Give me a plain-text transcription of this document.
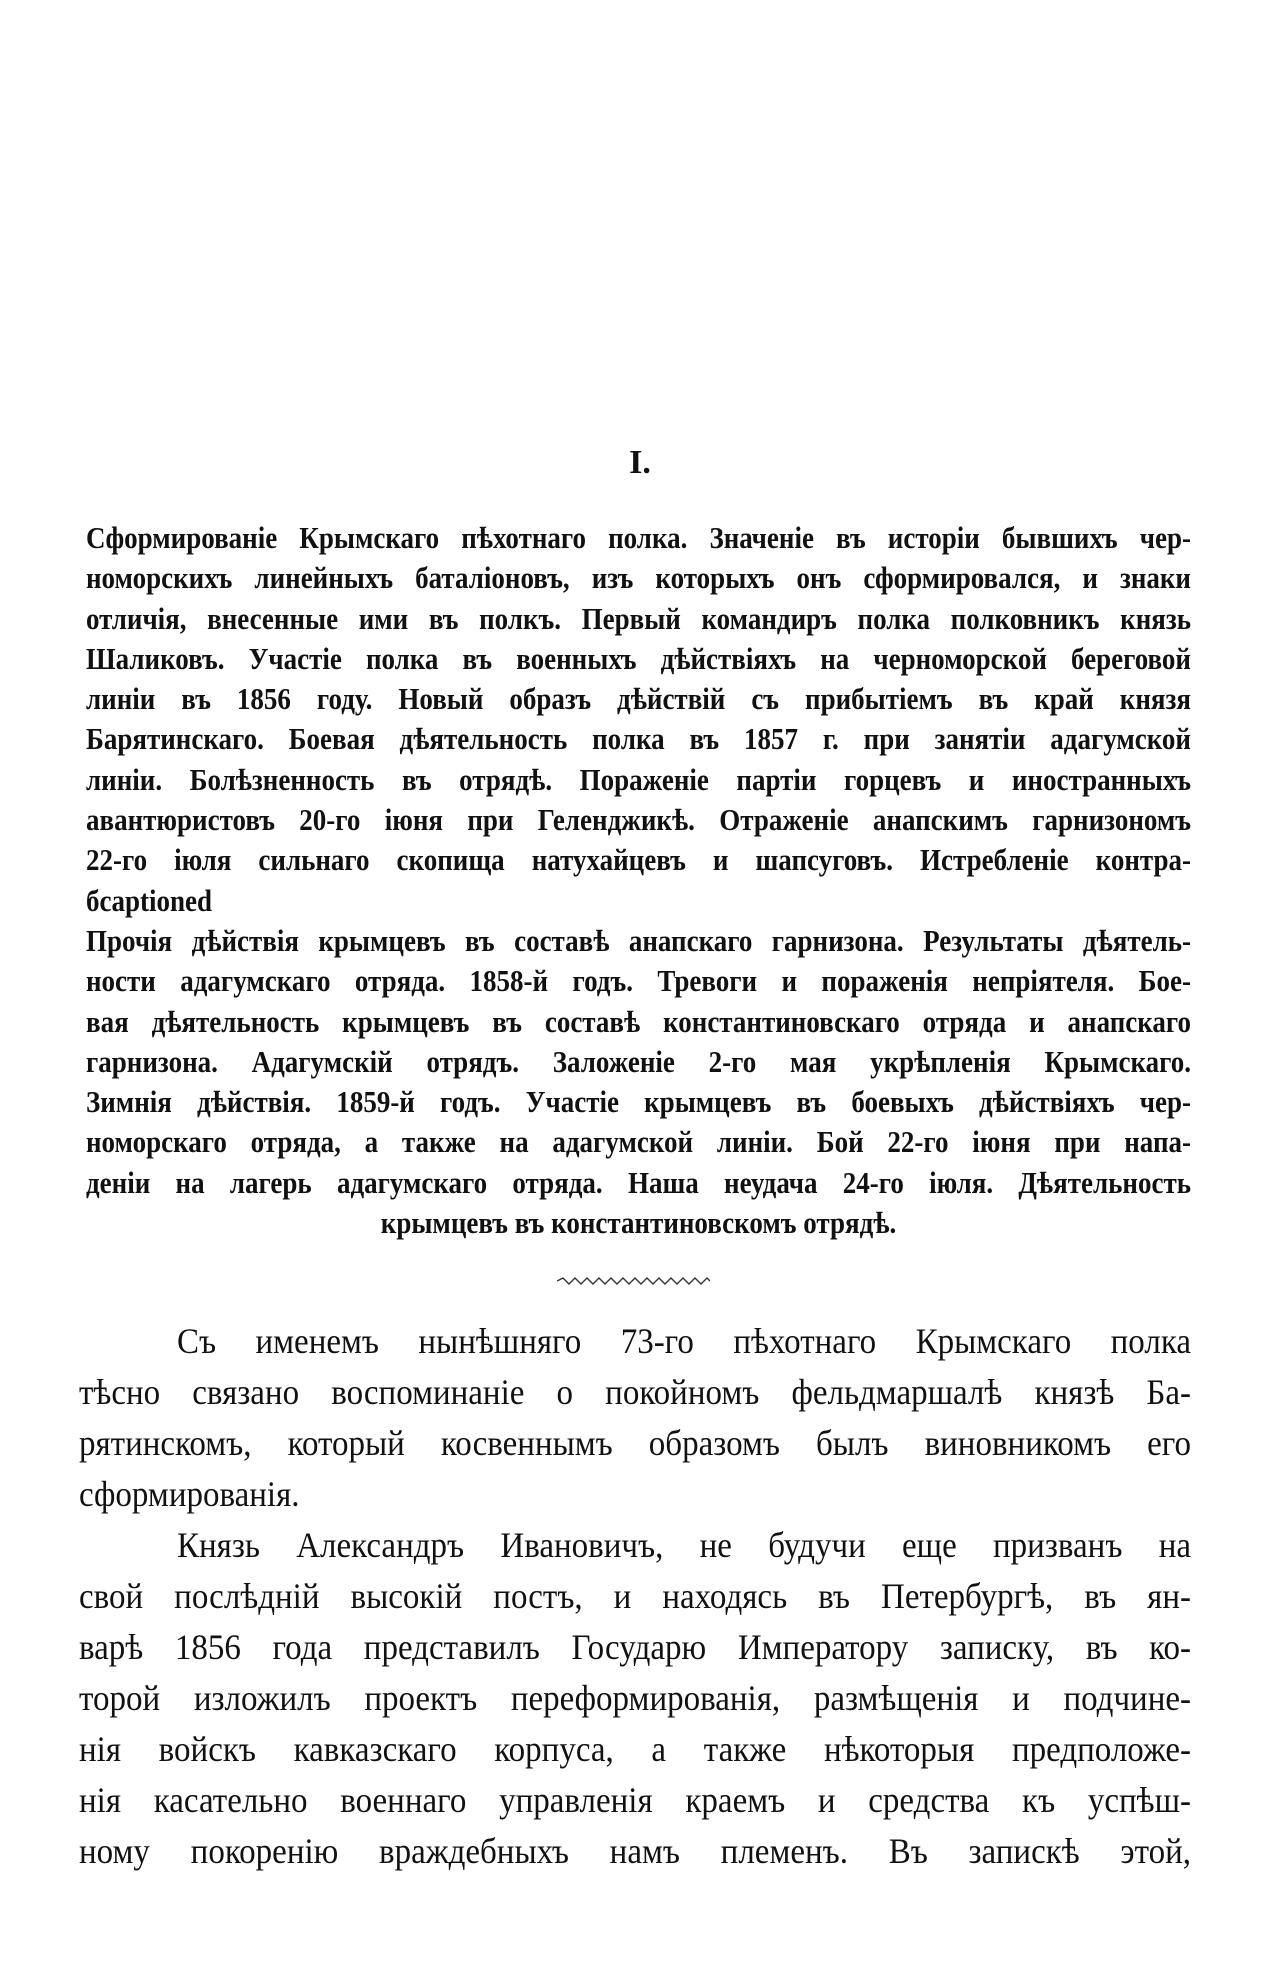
I.
Сформированіе Крымскаго пѣхотнаго полка. Значеніе въ исторіи бывшихъ чер-
номорскихъ линейныхъ баталіоновъ, изъ которыхъ онъ сформировался, и знаки
отличія, внесенные ими въ полкъ. Первый командиръ полка полковникъ князь
Шаликовъ. Участіе полка въ военныхъ дѣйствіяхъ на черноморской береговой
линіи въ 1856 году. Новый образъ дѣйствій съ прибытіемъ въ край князя
Барятинскаго. Боевая дѣятельность полка въ 1857 г. при занятіи адагумской
линіи. Болѣзненность въ отрядѣ. Пораженіе партіи горцевъ и иностранныхъ
авантюристовъ 20-го іюня при Геленджикѣ. Отраженіе анапскимъ гарнизономъ
22-го іюля сильнаго скопища натухайцевъ и шапсуговъ. Истребленіе контра-
бcaptioned
Прочія дѣйствія крымцевъ въ составѣ анапскаго гарнизона. Результаты дѣятель-
ности адагумскаго отряда. 1858-й годъ. Тревоги и пораженія непріятеля. Бое-
вая дѣятельность крымцевъ въ составѣ константиновскаго отряда и анапскаго
гарнизона. Адагумскій отрядъ. Заложеніе 2-го мая укрѣпленія Крымскаго.
Зимнія дѣйствія. 1859-й годъ. Участіе крымцевъ въ боевыхъ дѣйствіяхъ чер-
номорскаго отряда, а также на адагумской линіи. Бой 22-го іюня при напа-
деніи на лагерь адагумскаго отряда. Наша неудача 24-го іюля. Дѣятельность
крымцевъ въ константиновскомъ отрядѣ.
Съ именемъ нынѣшняго 73-го пѣхотнаго Крымскаго полка
тѣсно связано воспоминаніе о покойномъ фельдмаршалѣ князѣ Ба-
рятинскомъ, который косвеннымъ образомъ былъ виновникомъ его
сформированія.
Князь Александръ Ивановичъ, не будучи еще призванъ на
свой послѣдній высокій постъ, и находясь въ Петербургѣ, въ ян-
варѣ 1856 года представилъ Государю Императору записку, въ ко-
торой изложилъ проектъ переформированія, размѣщенія и подчине-
нія войскъ кавказскаго корпуса, а также нѣкоторыя предположе-
нія касательно военнаго управленія краемъ и средства къ успѣш-
ному покоренію враждебныхъ намъ племенъ. Въ запискѣ этой,
